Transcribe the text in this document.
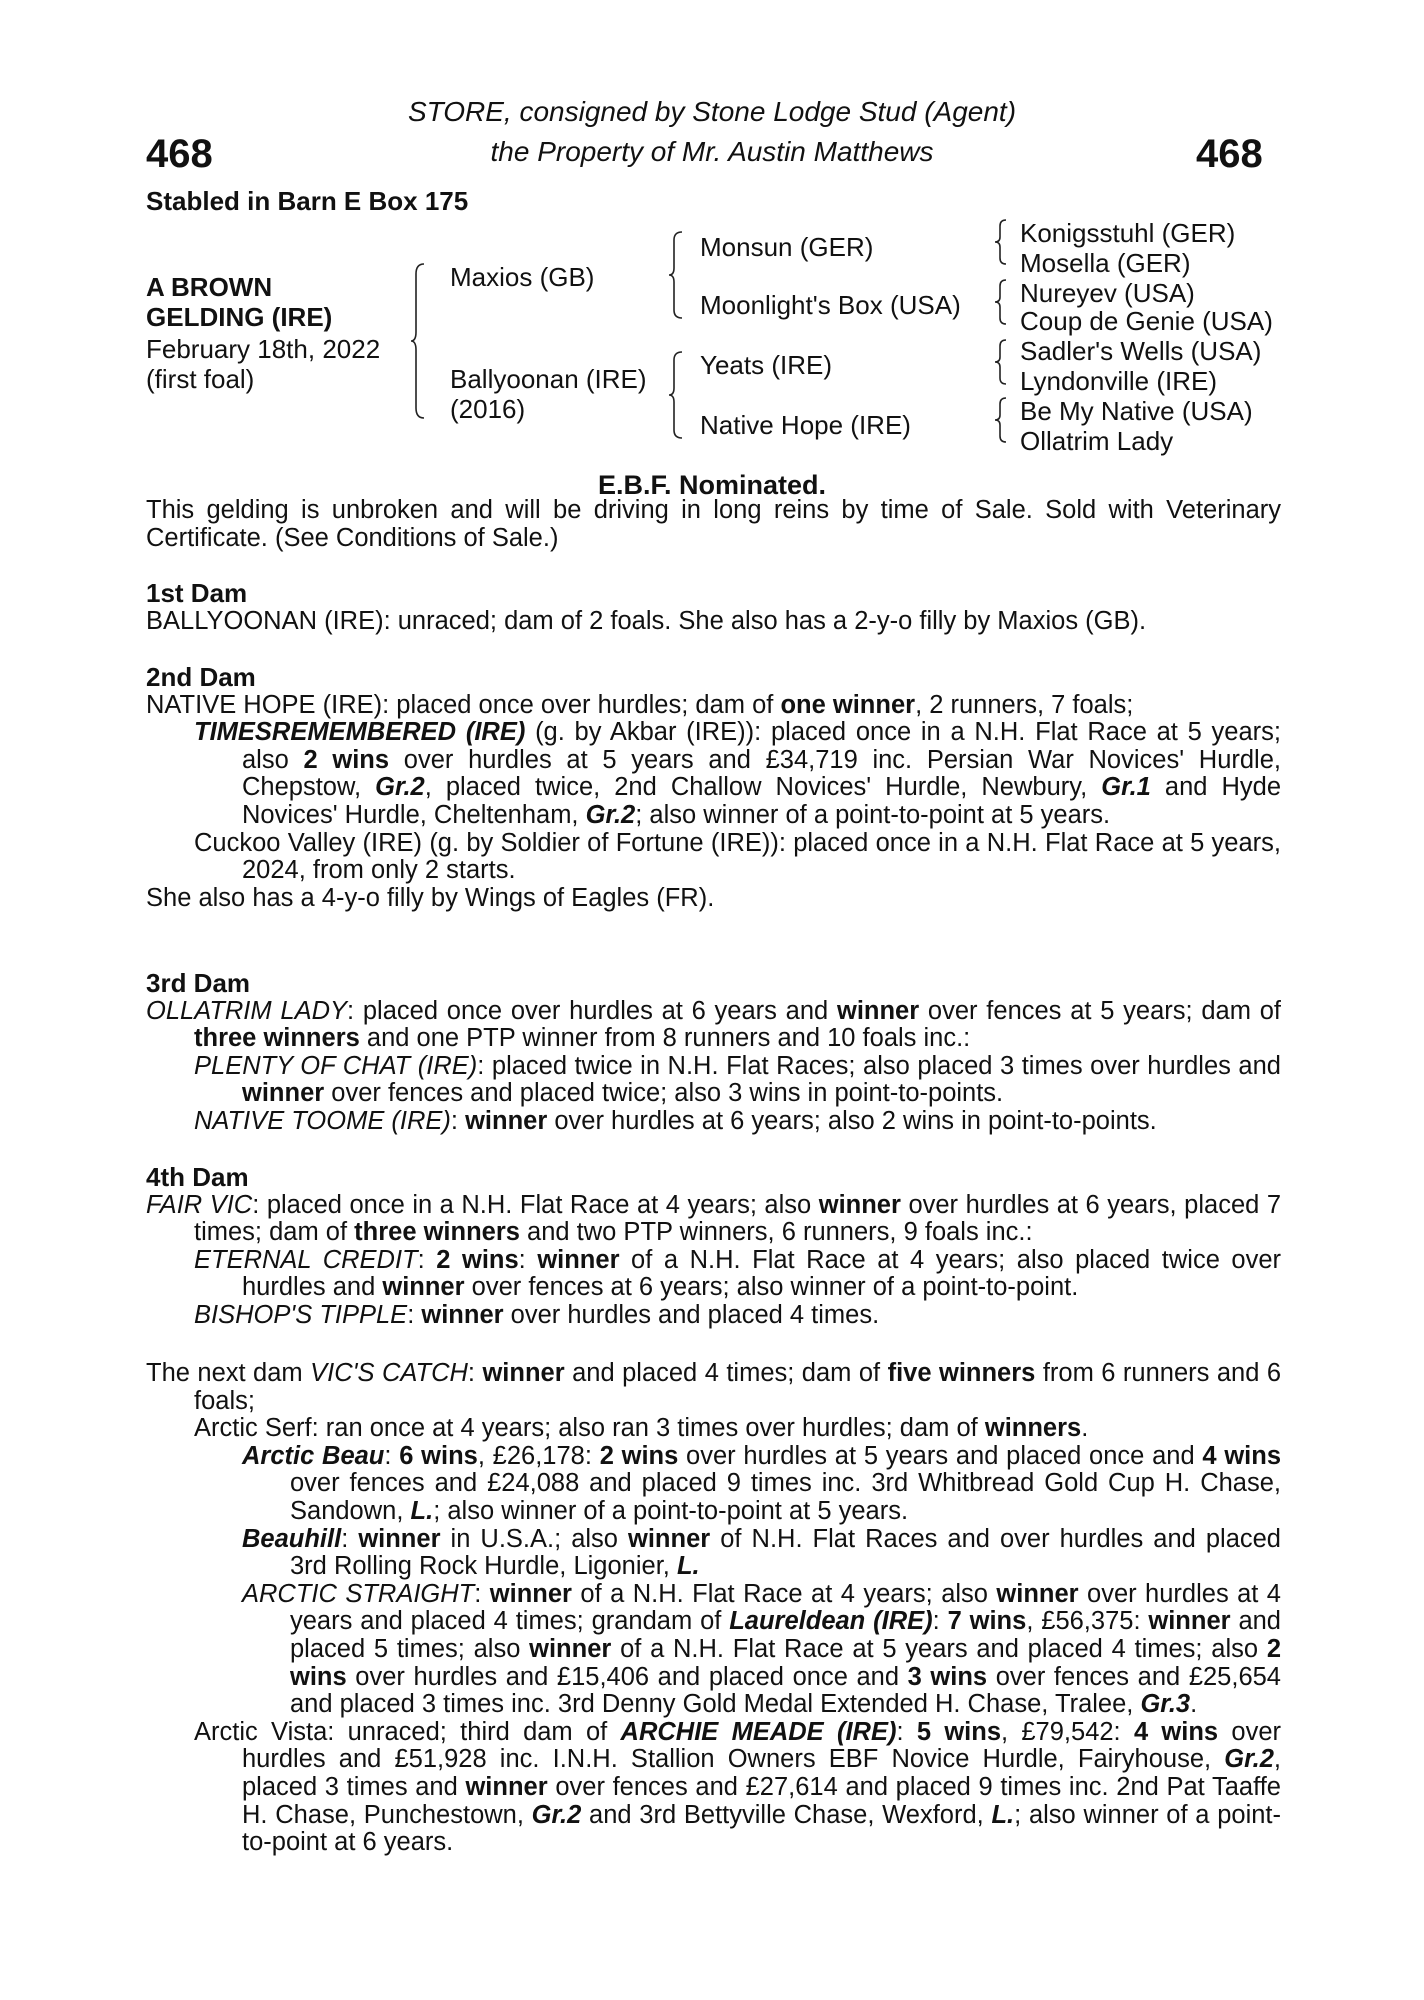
468	468
STORE, consigned by Stone Lodge Stud (Agent)
the Property of Mr. Austin Matthews
Stabled in Barn E Box 175
A BROWN
GELDING (IRE)
February 18th, 2022
(first foal)
Maxios (GB)
Ballyoonan (IRE)
(2016)
Monsun (GER)
Moonlight's Box (USA)
Yeats (IRE)
Native Hope (IRE)
Konigsstuhl (GER)
Mosella (GER)
Nureyev (USA)
Coup de Genie (USA)
Sadler's Wells (USA)
Lyndonville (IRE)
Be My Native (USA)
Ollatrim Lady
E.B.F. Nominated.

This gelding is unbroken and will be driving in long reins by time of Sale. Sold with Veterinary Certificate. (See Conditions of Sale.)

1st Dam

BALLYOONAN (IRE): unraced; dam of 2 foals. She also has a 2-y-o filly by Maxios (GB).

2nd Dam

NATIVE HOPE (IRE): placed once over hurdles; dam of one winner, 2 runners, 7 foals;

TIMESREMEMBERED (IRE) (g. by Akbar (IRE)): placed once in a N.H. Flat Race at 5 years; also 2 wins over hurdles at 5 years and £34,719 inc. Persian War Novices' Hurdle, Chepstow, Gr.2, placed twice, 2nd Challow Novices' Hurdle, Newbury, Gr.1 and Hyde Novices' Hurdle, Cheltenham, Gr.2; also winner of a point-to-point at 5 years.

Cuckoo Valley (IRE) (g. by Soldier of Fortune (IRE)): placed once in a N.H. Flat Race at 5 years, 2024, from only 2 starts.

She also has a 4-y-o filly by Wings of Eagles (FR).

3rd Dam

OLLATRIM LADY: placed once over hurdles at 6 years and winner over fences at 5 years; dam of three winners and one PTP winner from 8 runners and 10 foals inc.:

PLENTY OF CHAT (IRE): placed twice in N.H. Flat Races; also placed 3 times over hurdles and winner over fences and placed twice; also 3 wins in point-to-points.

NATIVE TOOME (IRE): winner over hurdles at 6 years; also 2 wins in point-to-points.

4th Dam

FAIR VIC: placed once in a N.H. Flat Race at 4 years; also winner over hurdles at 6 years, placed 7 times; dam of three winners and two PTP winners, 6 runners, 9 foals inc.:

ETERNAL CREDIT: 2 wins: winner of a N.H. Flat Race at 4 years; also placed twice over hurdles and winner over fences at 6 years; also winner of a point-to-point.

BISHOP'S TIPPLE: winner over hurdles and placed 4 times.

The next dam VIC'S CATCH: winner and placed 4 times; dam of five winners from 6 runners and 6 foals;

Arctic Serf: ran once at 4 years; also ran 3 times over hurdles; dam of winners.

Arctic Beau: 6 wins, £26,178: 2 wins over hurdles at 5 years and placed once and 4 wins over fences and £24,088 and placed 9 times inc. 3rd Whitbread Gold Cup H. Chase, Sandown, L.; also winner of a point-to-point at 5 years.

Beauhill: winner in U.S.A.; also winner of N.H. Flat Races and over hurdles and placed 3rd Rolling Rock Hurdle, Ligonier, L.

ARCTIC STRAIGHT: winner of a N.H. Flat Race at 4 years; also winner over hurdles at 4 years and placed 4 times; grandam of Laureldean (IRE): 7 wins, £56,375: winner and placed 5 times; also winner of a N.H. Flat Race at 5 years and placed 4 times; also 2 wins over hurdles and £15,406 and placed once and 3 wins over fences and £25,654 and placed 3 times inc. 3rd Denny Gold Medal Extended H. Chase, Tralee, Gr.3.

Arctic Vista: unraced; third dam of ARCHIE MEADE (IRE): 5 wins, £79,542: 4 wins over hurdles and £51,928 inc. I.N.H. Stallion Owners EBF Novice Hurdle, Fairyhouse, Gr.2, placed 3 times and winner over fences and £27,614 and placed 9 times inc. 2nd Pat Taaffe H. Chase, Punchestown, Gr.2 and 3rd Bettyville Chase, Wexford, L.; also winner of a point-to-point at 6 years.
